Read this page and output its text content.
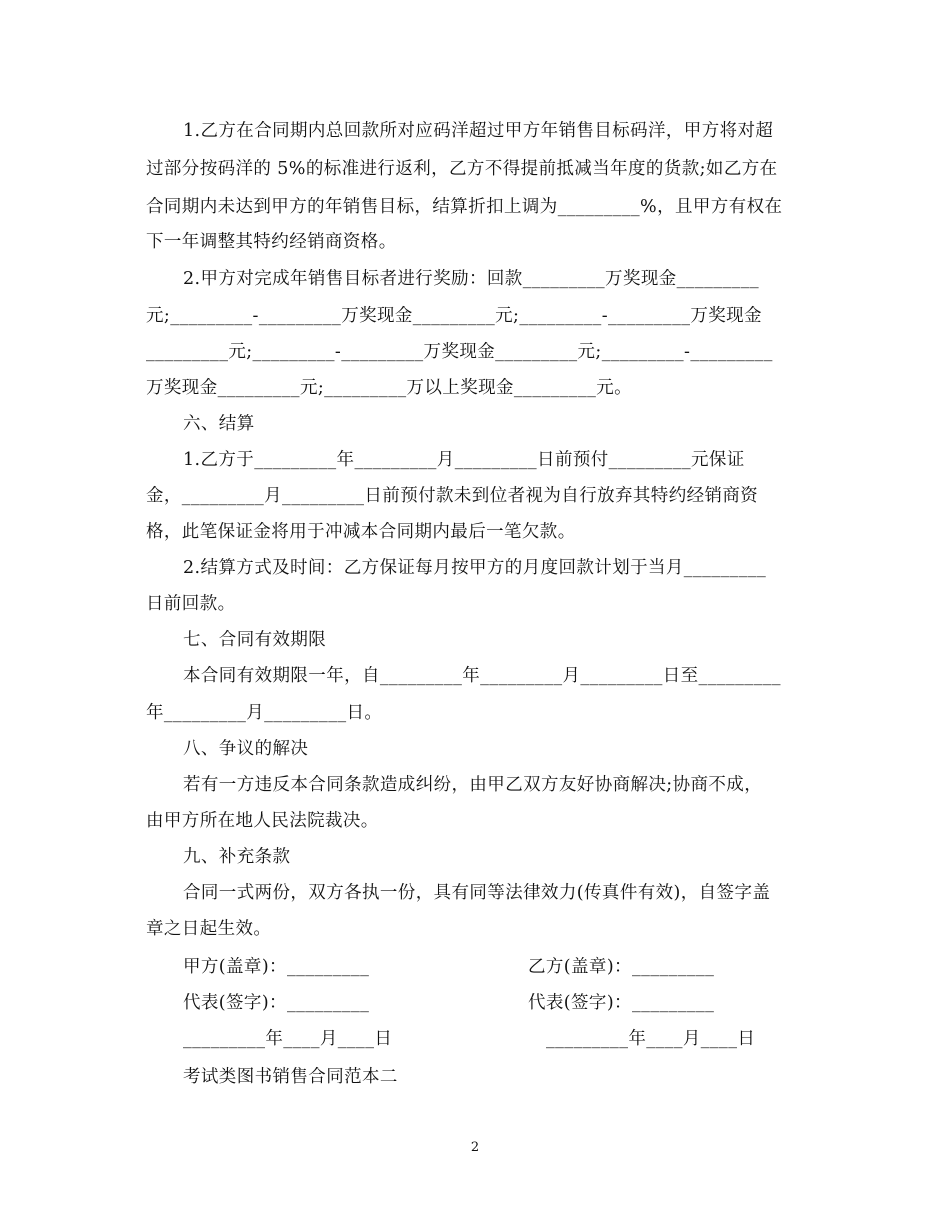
1.乙方在合同期内总回款所对应码洋超过甲方年销售目标码洋，甲方将对超
过部分按码洋的 5%的标准进行返利，乙方不得提前抵减当年度的货款;如乙方在
合同期内未达到甲方的年销售目标，结算折扣上调为_________%，且甲方有权在
下一年调整其特约经销商资格。
2.甲方对完成年销售目标者进行奖励：回款_________万奖现金_________
元;_________-_________万奖现金_________元;_________-_________万奖现金
_________元;_________-_________万奖现金_________元;_________-_________
万奖现金_________元;_________万以上奖现金_________元。
六、结算
1.乙方于_________年_________月_________日前预付_________元保证
金，_________月_________日前预付款未到位者视为自行放弃其特约经销商资
格，此笔保证金将用于冲减本合同期内最后一笔欠款。
2.结算方式及时间：乙方保证每月按甲方的月度回款计划于当月_________
日前回款。
七、合同有效期限
本合同有效期限一年，自_________年_________月_________日至_________
年_________月_________日。
八、争议的解决
若有一方违反本合同条款造成纠纷，由甲乙双方友好协商解决;协商不成，
由甲方所在地人民法院裁决。
九、补充条款
合同一式两份，双方各执一份，具有同等法律效力(传真件有效)，自签字盖
章之日起生效。
甲方(盖章)：_________	乙方(盖章)：_________
代表(签字)：_________	代表(签字)：_________
_________年____月____日	_________年____月____日
考试类图书销售合同范本二
2
